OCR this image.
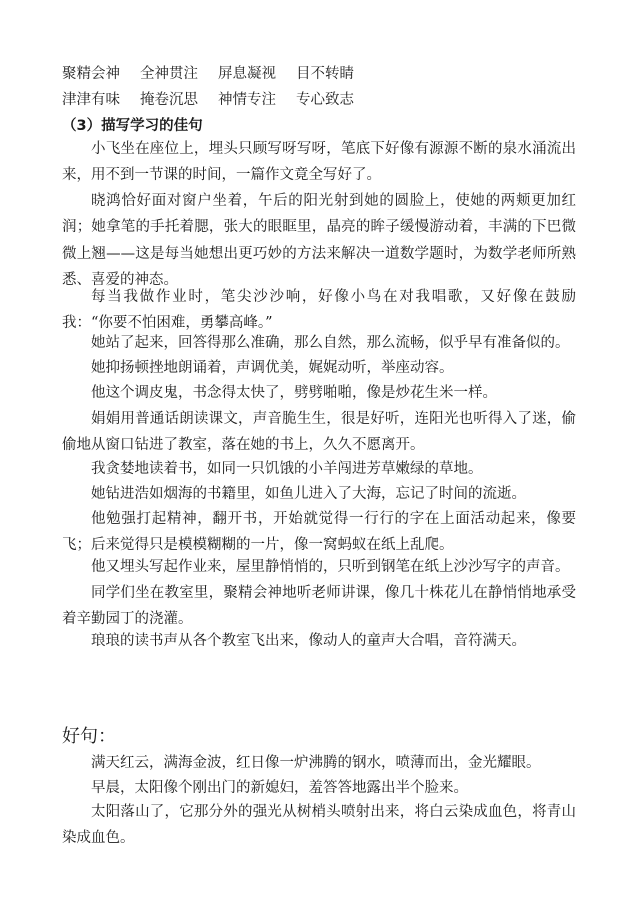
聚精会神 全神贯注 屏息凝视 目不转睛
津津有味 掩卷沉思 神情专注 专心致志
（3）描写学习的佳句

小飞坐在座位上，埋头只顾写呀写呀，笔底下好像有源源不断的泉水涌流出来，用不到一节课的时间，一篇作文竟全写好了。

晓鸿恰好面对窗户坐着，午后的阳光射到她的圆脸上，使她的两颊更加红润；她拿笔的手托着腮，张大的眼眶里，晶亮的眸子缓慢游动着，丰满的下巴微微上翘——这是每当她想出更巧妙的方法来解决一道数学题时，为数学老师所熟悉、喜爱的神态。

每当我做作业时，笔尖沙沙响，好像小鸟在对我唱歌，又好像在鼓励我：“你要不怕困难，勇攀高峰。”

她站了起来，回答得那么准确，那么自然，那么流畅，似乎早有准备似的。

她抑扬顿挫地朗诵着，声调优美，娓娓动听，举座动容。

他这个调皮鬼，书念得太快了，劈劈啪啪，像是炒花生米一样。

娟娟用普通话朗读课文，声音脆生生，很是好听，连阳光也听得入了迷，偷偷地从窗口钻进了教室，落在她的书上，久久不愿离开。

我贪婪地读着书，如同一只饥饿的小羊闯进芳草嫩绿的草地。

她钻进浩如烟海的书籍里，如鱼儿进入了大海，忘记了时间的流逝。

他勉强打起精神，翻开书，开始就觉得一行行的字在上面活动起来，像要飞；后来觉得只是模模糊糊的一片，像一窝蚂蚁在纸上乱爬。

他又埋头写起作业来，屋里静悄悄的，只听到钢笔在纸上沙沙写字的声音。

同学们坐在教室里，聚精会神地听老师讲课，像几十株花儿在静悄悄地承受着辛勤园丁的浇灌。

琅琅的读书声从各个教室飞出来，像动人的童声大合唱，音符满天。

好句：

满天红云，满海金波，红日像一炉沸腾的钢水，喷薄而出，金光耀眼。

早晨，太阳像个刚出门的新媳妇，羞答答地露出半个脸来。

太阳落山了，它那分外的强光从树梢头喷射出来，将白云染成血色，将青山染成血色。
